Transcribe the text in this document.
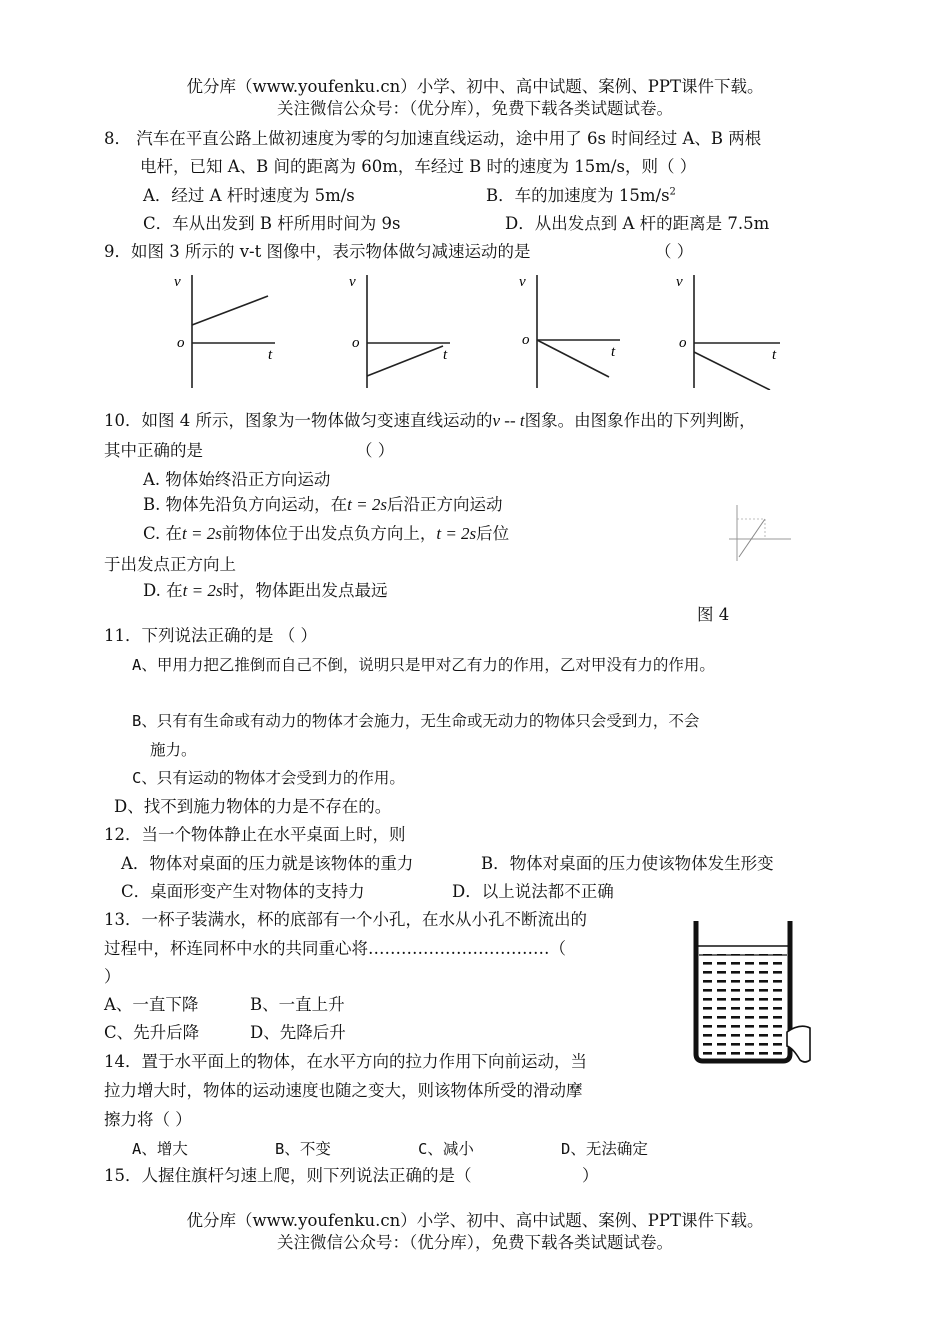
优分库（www.youfenku.cn）小学、初中、高中试题、案例、PPT课件下载。
关注微信公众号：（优分库），免费下载各类试题试卷。
8． 汽车在平直公路上做初速度为零的匀加速直线运动，途中用了 6s 时间经过 A、B 两根
电杆，已知 A、B 间的距离为 60m，车经过 B 时的速度为 15m/s，则（ ）
A．经过 A 杆时速度为 5m/s	B．车的加速度为 $15m/s^2$
C．车从出发到 B 杆所用时间为 9s	D．从出发点到 A 杆的距离是 7.5m
9．如图 3 所示的 v-t 图像中，表示物体做匀减速运动的是	（ ）
v
o
t
v
o
t
v
o
t
v
o
t
10．如图 4 所示，图象为一物体做匀变速直线运动的v -- t图象。由图象作出的下列判断，
其中正确的是	（ ）
A. 物体始终沿正方向运动
B. 物体先沿负方向运动，在t = 2s后沿正方向运动
C. 在t = 2s前物体位于出发点负方向上，t = 2s后位
于出发点正方向上
D. 在t = 2s时，物体距出发点最远
图 4
11．下列说法正确的是 （ ）
A、甲用力把乙推倒而自己不倒，说明只是甲对乙有力的作用，乙对甲没有力的作用。
B、只有有生命或有动力的物体才会施力，无生命或无动力的物体只会受到力，不会
施力。
C、只有运动的物体才会受到力的作用。
D、找不到施力物体的力是不存在的。
12．当一个物体静止在水平桌面上时，则
A．物体对桌面的压力就是该物体的重力	B．物体对桌面的压力使该物体发生形变
C．桌面形变产生对物体的支持力	D．以上说法都不正确
13．一杯子装满水，杯的底部有一个小孔，在水从小孔不断流出的
过程中，杯连同杯中水的共同重心将……………………………（
）
A、一直下降	B、一直上升
C、先升后降	D、先降后升
14．置于水平面上的物体，在水平方向的拉力作用下向前运动，当
拉力增大时，物体的运动速度也随之变大，则该物体所受的滑动摩
擦力将（ ）
A、增大	B、不变	C、减小	D、无法确定
15．人握住旗杆匀速上爬，则下列说法正确的是（	）
优分库（www.youfenku.cn）小学、初中、高中试题、案例、PPT课件下载。
关注微信公众号：（优分库），免费下载各类试题试卷。
